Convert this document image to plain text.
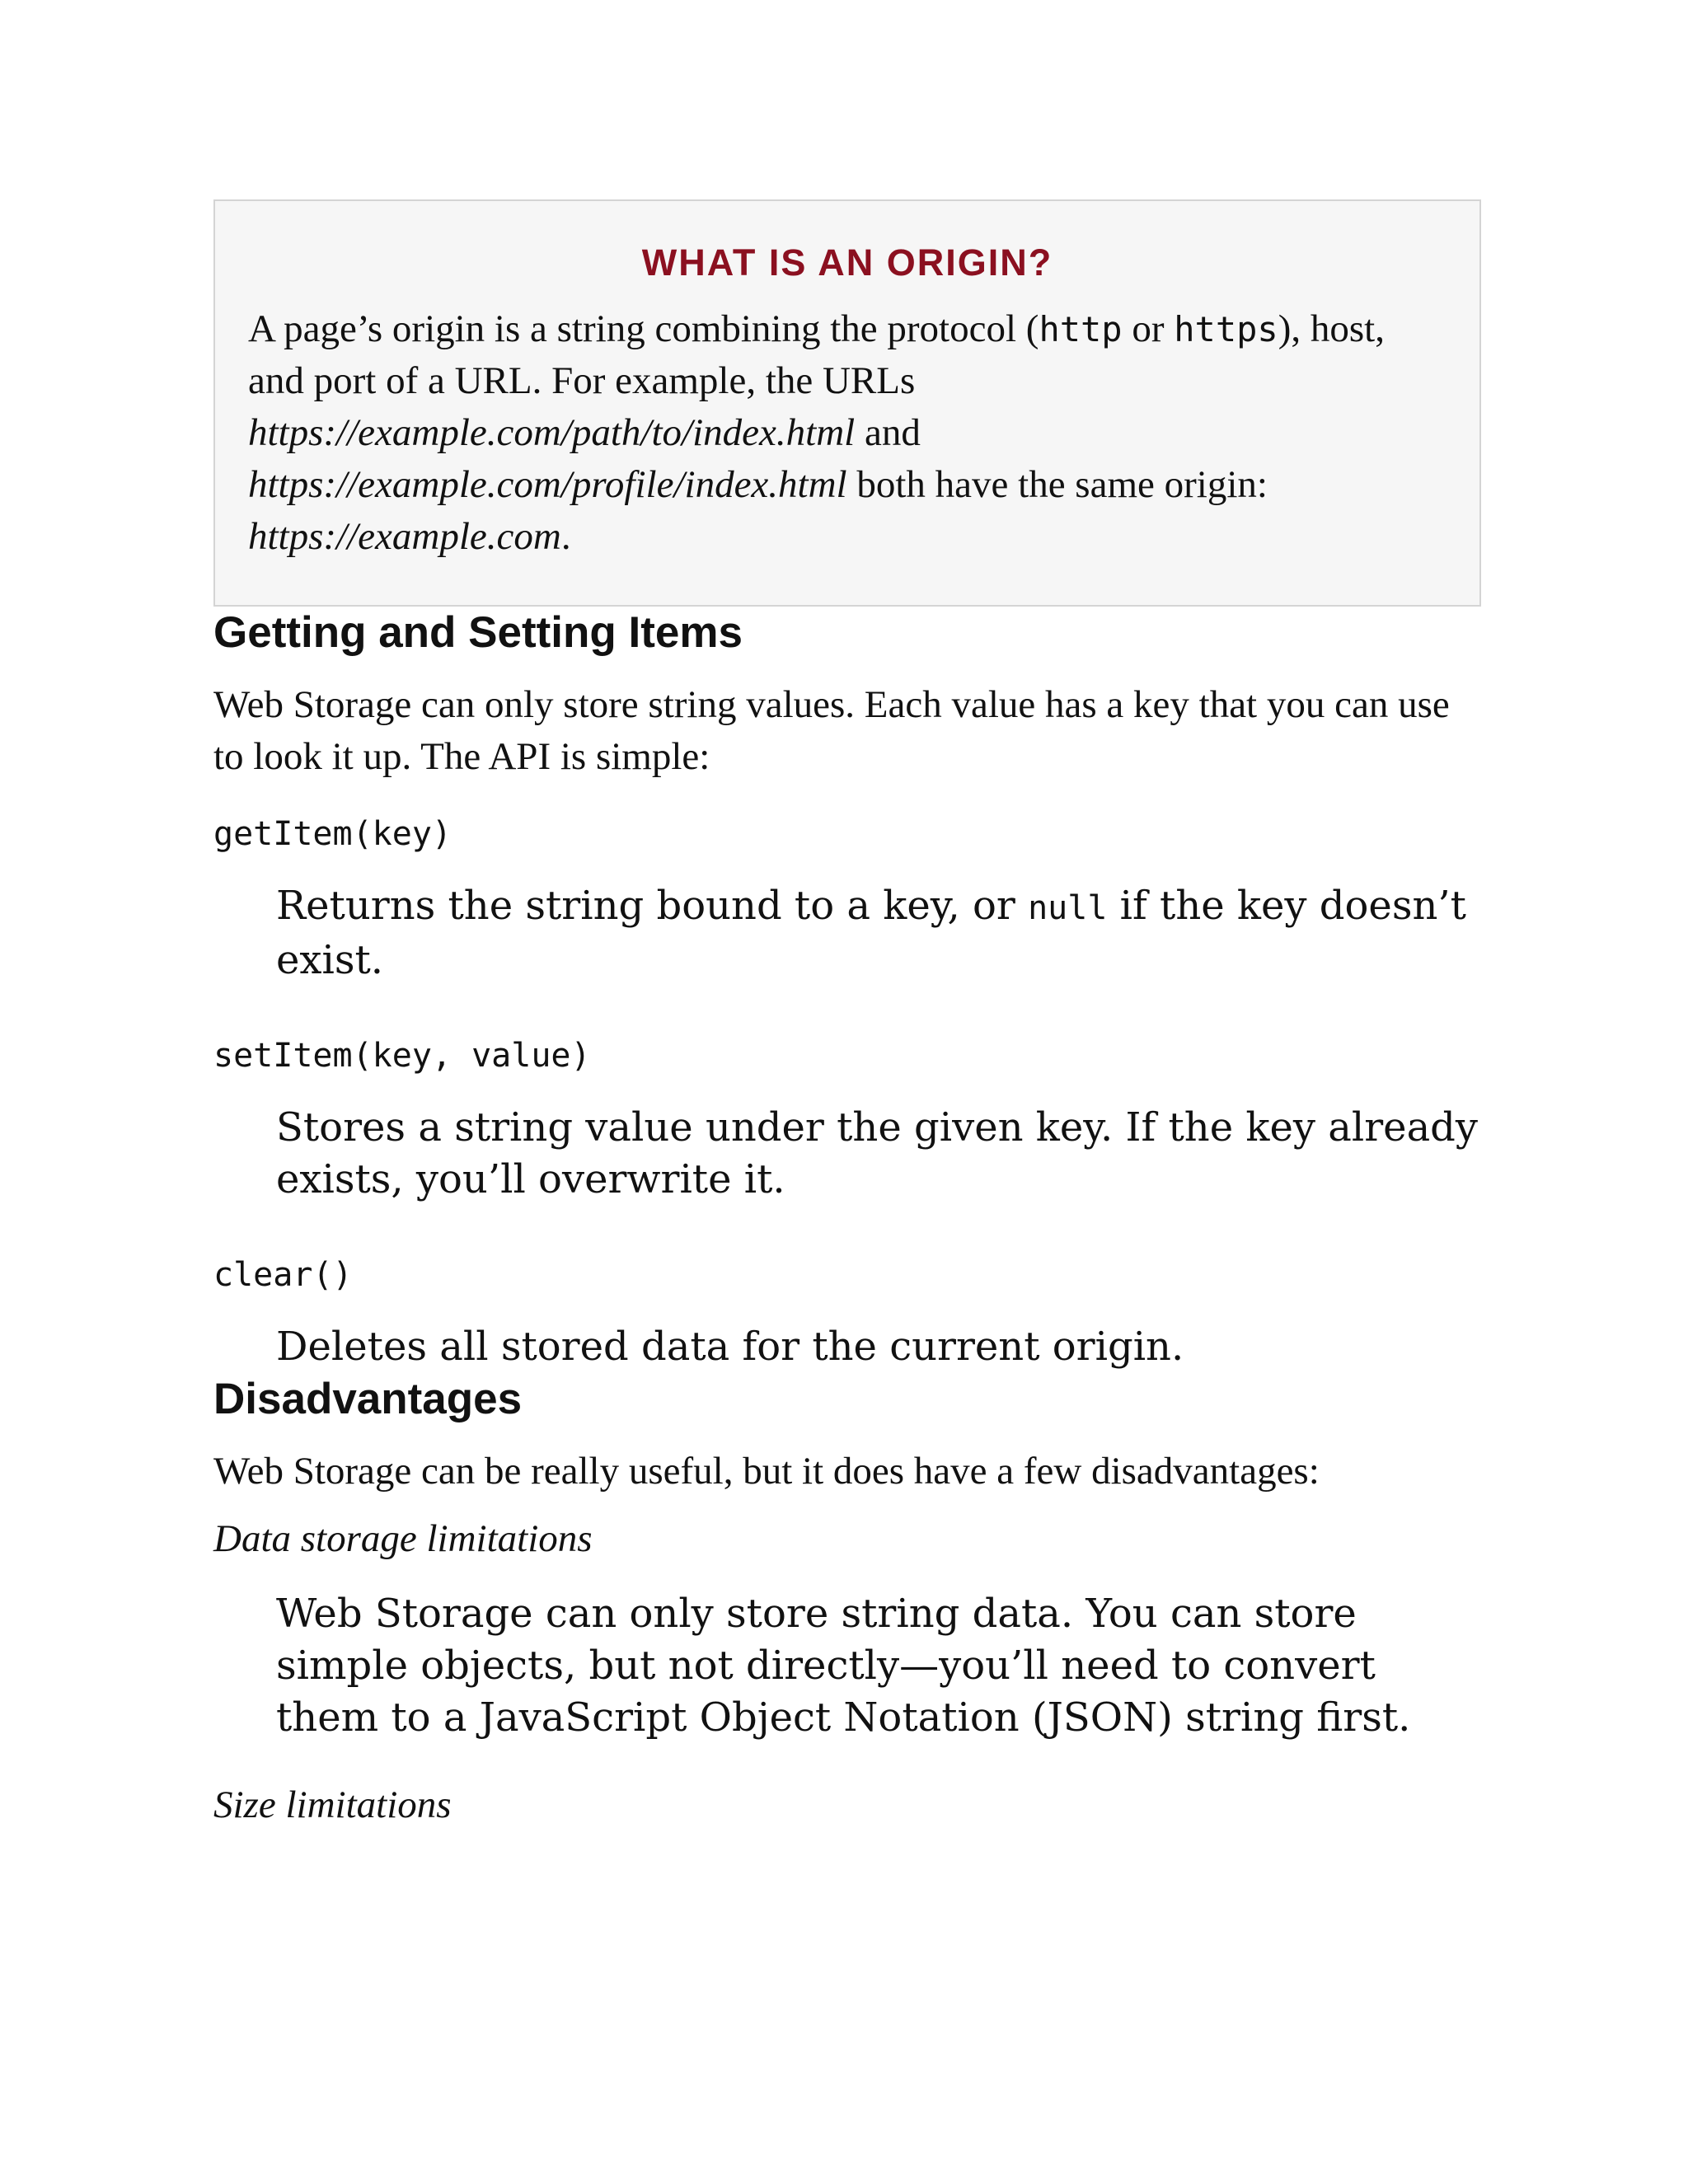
WHAT IS AN ORIGIN?

A page’s origin is a string combining the protocol (http or https), host, and port of a URL. For example, the URLs https://example.com/path/to/index.html and
https://example.com/profile/index.html both have the same origin: https://example.com.

Getting and Setting Items

Web Storage can only store string values. Each value has a key that you can use to look it up. The API is simple:

getItem(key)
Returns the string bound to a key, or null if the key doesn’t exist.
setItem(key, value)
Stores a string value under the given key. If the key already exists, you’ll overwrite it.
clear()
Deletes all stored data for the current origin.
Disadvantages

Web Storage can be really useful, but it does have a few disadvantages:

Data storage limitations
Web Storage can only store string data. You can store simple objects, but not directly—you’ll need to convert them to a JavaScript Object Notation (JSON) string first.
Size limitations
